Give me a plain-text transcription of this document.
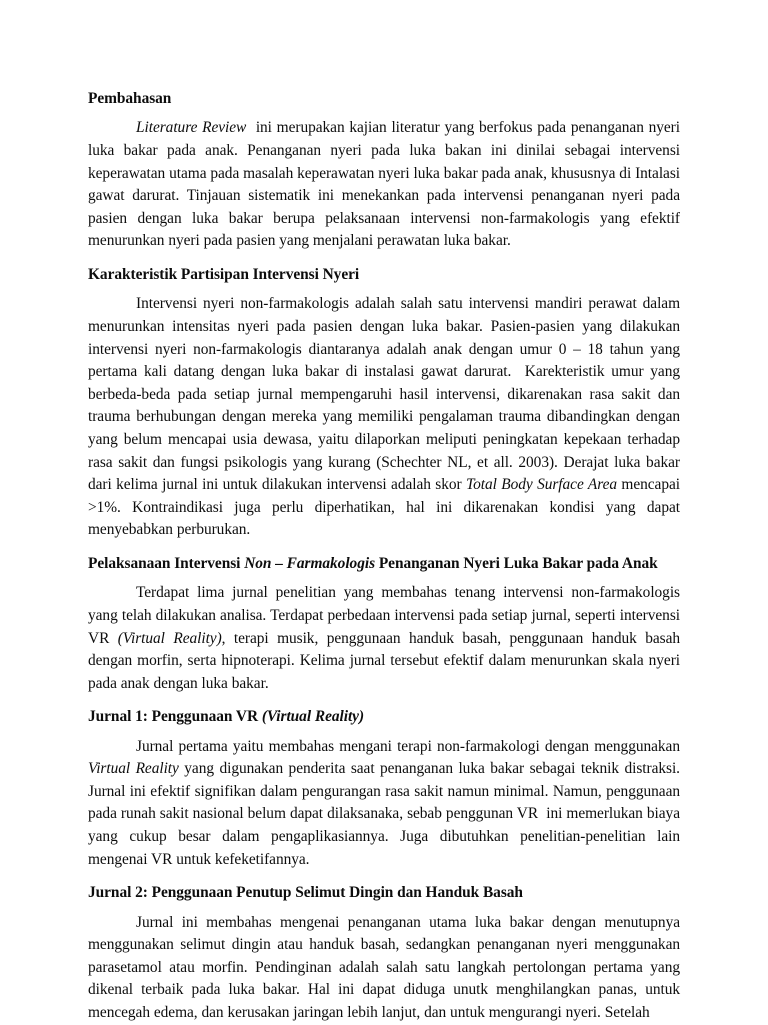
Pembahasan

Literature Review  ini merupakan kajian literatur yang berfokus pada penanganan nyeri luka bakar pada anak. Penanganan nyeri pada luka bakan ini dinilai sebagai intervensi keperawatan utama pada masalah keperawatan nyeri luka bakar pada anak, khususnya di Intalasi gawat darurat. Tinjauan sistematik ini menekankan pada intervensi penanganan nyeri pada pasien dengan luka bakar berupa pelaksanaan intervensi non-farmakologis yang efektif menurunkan nyeri pada pasien yang menjalani perawatan luka bakar.

Karakteristik Partisipan Intervensi Nyeri

Intervensi nyeri non-farmakologis adalah salah satu intervensi mandiri perawat dalam menurunkan intensitas nyeri pada pasien dengan luka bakar. Pasien-pasien yang dilakukan intervensi nyeri non-farmakologis diantaranya adalah anak dengan umur 0 – 18 tahun yang pertama kali datang dengan luka bakar di instalasi gawat darurat.  Karekteristik umur yang berbeda-beda pada setiap jurnal mempengaruhi hasil intervensi, dikarenakan rasa sakit dan trauma berhubungan dengan mereka yang memiliki pengalaman trauma dibandingkan dengan yang belum mencapai usia dewasa, yaitu dilaporkan meliputi peningkatan kepekaan terhadap rasa sakit dan fungsi psikologis yang kurang (Schechter NL, et all. 2003). Derajat luka bakar dari kelima jurnal ini untuk dilakukan intervensi adalah skor Total Body Surface Area mencapai >1%. Kontraindikasi juga perlu diperhatikan, hal ini dikarenakan kondisi yang dapat menyebabkan perburukan.

Pelaksanaan Intervensi Non – Farmakologis Penanganan Nyeri Luka Bakar pada Anak

Terdapat lima jurnal penelitian yang membahas tenang intervensi non-farmakologis yang telah dilakukan analisa. Terdapat perbedaan intervensi pada setiap jurnal, seperti intervensi VR (Virtual Reality), terapi musik, penggunaan handuk basah, penggunaan handuk basah dengan morfin, serta hipnoterapi. Kelima jurnal tersebut efektif dalam menurunkan skala nyeri pada anak dengan luka bakar.

Jurnal 1: Penggunaan VR (Virtual Reality)

Jurnal pertama yaitu membahas mengani terapi non-farmakologi dengan menggunakan Virtual Reality yang digunakan penderita saat penanganan luka bakar sebagai teknik distraksi. Jurnal ini efektif signifikan dalam pengurangan rasa sakit namun minimal. Namun, penggunaan pada runah sakit nasional belum dapat dilaksanaka, sebab penggunan VR  ini memerlukan biaya yang cukup besar dalam pengaplikasiannya. Juga dibutuhkan penelitian-penelitian lain mengenai VR untuk kefeketifannya.

Jurnal 2: Penggunaan Penutup Selimut Dingin dan Handuk Basah

Jurnal ini membahas mengenai penanganan utama luka bakar dengan menutupnya menggunakan selimut dingin atau handuk basah, sedangkan penanganan nyeri menggunakan parasetamol atau morfin. Pendinginan adalah salah satu langkah pertolongan pertama yang dikenal terbaik pada luka bakar. Hal ini dapat diduga unutk menghilangkan panas, untuk mencegah edema, dan kerusakan jaringan lebih lanjut, dan untuk mengurangi nyeri. Setelah
